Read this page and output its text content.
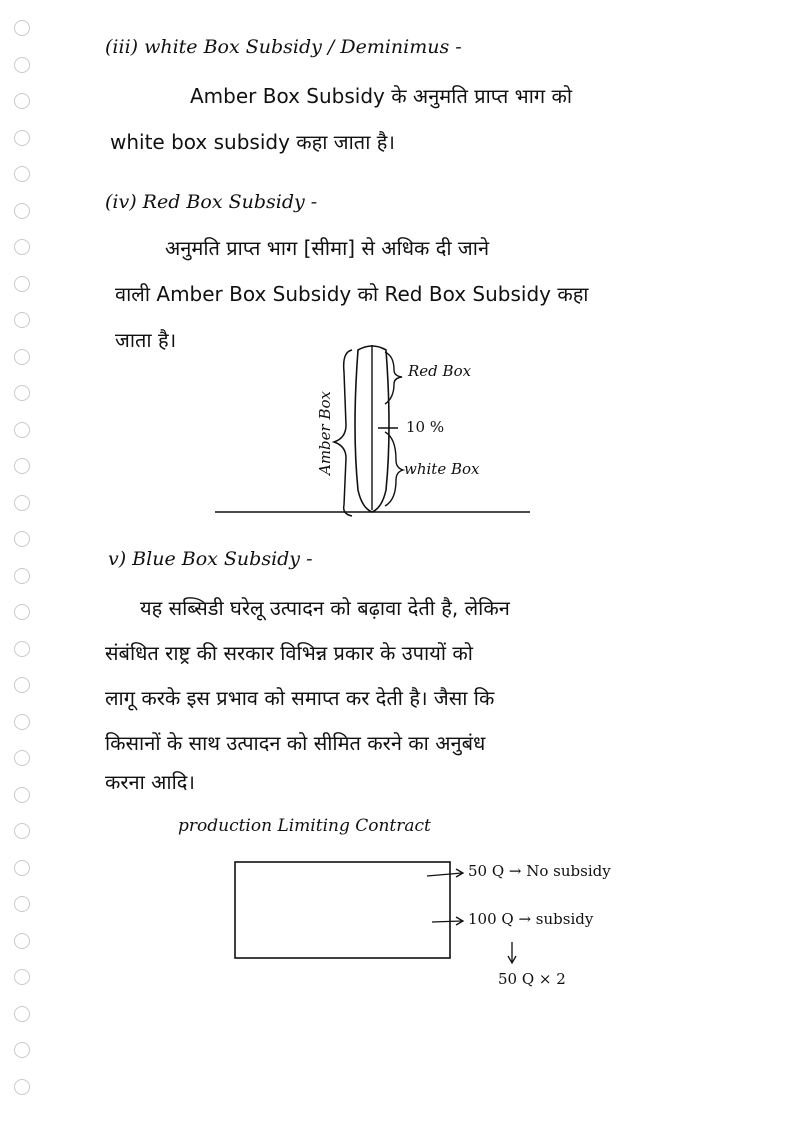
(iii) white Box Subsidy / Deminimus -
Amber Box Subsidy के अनुमति प्राप्त भाग को
white box subsidy कहा जाता है।
(iv) Red Box Subsidy -
अनुमति प्राप्त भाग [सीमा] से अधिक दी जाने
वाली Amber Box Subsidy को Red Box Subsidy कहा
जाता है।
Amber Box
Red Box
10 %
white Box
v) Blue Box Subsidy -
यह सब्सिडी घरेलू उत्पादन को बढ़ावा देती है, लेकिन
संबंधित राष्ट्र की सरकार विभिन्न प्रकार के उपायों को
लागू करके इस प्रभाव को समाप्त कर देती है। जैसा कि
किसानों के साथ उत्पादन को सीमित करने का अनुबंध
करना आदि।
production Limiting Contract
50 Q → No subsidy
100 Q → subsidy
50 Q × 2
